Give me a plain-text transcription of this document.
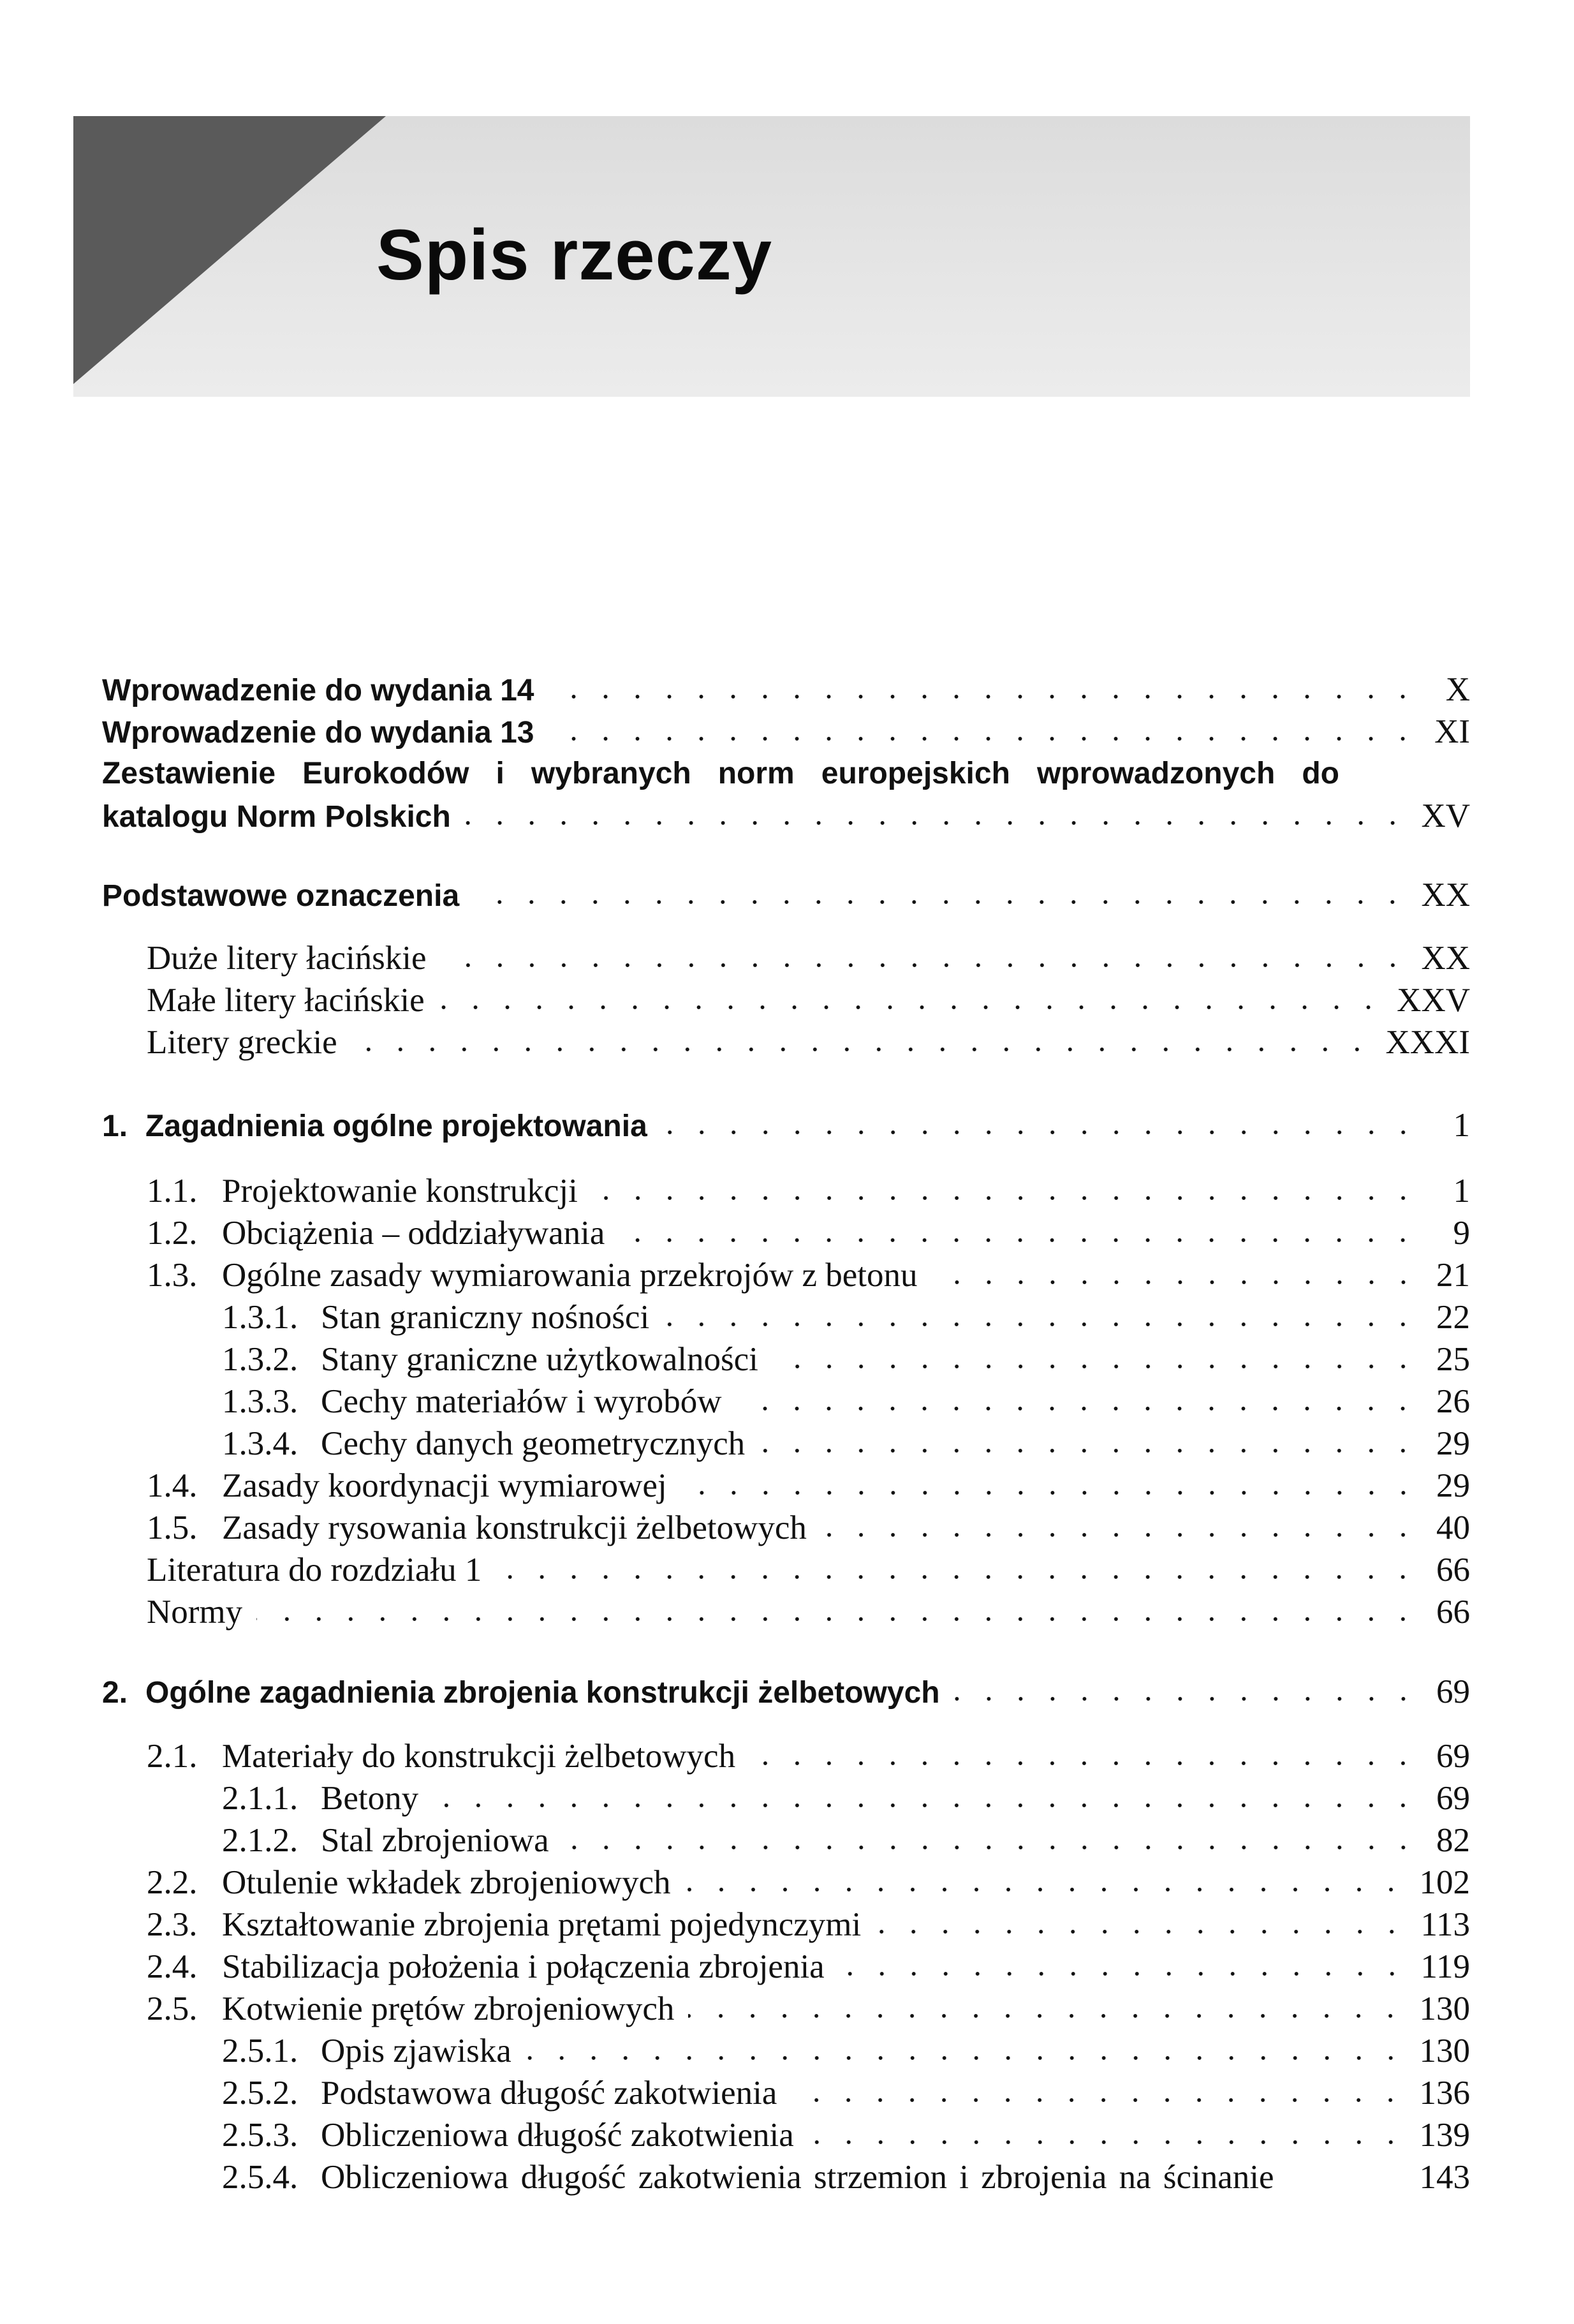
Spis rzeczy
Wprowadzenie do wydania 14	X
Wprowadzenie do wydania 13	XI
Zestawienie Eurokodów i wybranych norm europejskich wprowadzonych do
katalogu Norm Polskich	XV
Podstawowe oznaczenia	XX
Duże litery łacińskie	XX
Małe litery łacińskie	XXV
Litery greckie	XXXI
1. Zagadnienia ogólne projektowania	1
1.1. Projektowanie konstrukcji	1
1.2. Obciążenia – oddziaływania	9
1.3. Ogólne zasady wymiarowania przekrojów z betonu	21
1.3.1. Stan graniczny nośności	22
1.3.2. Stany graniczne użytkowalności	25
1.3.3. Cechy materiałów i wyrobów	26
1.3.4. Cechy danych geometrycznych	29
1.4. Zasady koordynacji wymiarowej	29
1.5. Zasady rysowania konstrukcji żelbetowych	40
Literatura do rozdziału 1	66
Normy	66
2. Ogólne zagadnienia zbrojenia konstrukcji żelbetowych	69
2.1. Materiały do konstrukcji żelbetowych	69
2.1.1. Betony	69
2.1.2. Stal zbrojeniowa	82
2.2. Otulenie wkładek zbrojeniowych	102
2.3. Kształtowanie zbrojenia prętami pojedynczymi	113
2.4. Stabilizacja położenia i połączenia zbrojenia	119
2.5. Kotwienie prętów zbrojeniowych	130
2.5.1. Opis zjawiska	130
2.5.2. Podstawowa długość zakotwienia	136
2.5.3. Obliczeniowa długość zakotwienia	139
2.5.4. Obliczeniowa długość zakotwienia strzemion i zbrojenia na ścinanie	143
